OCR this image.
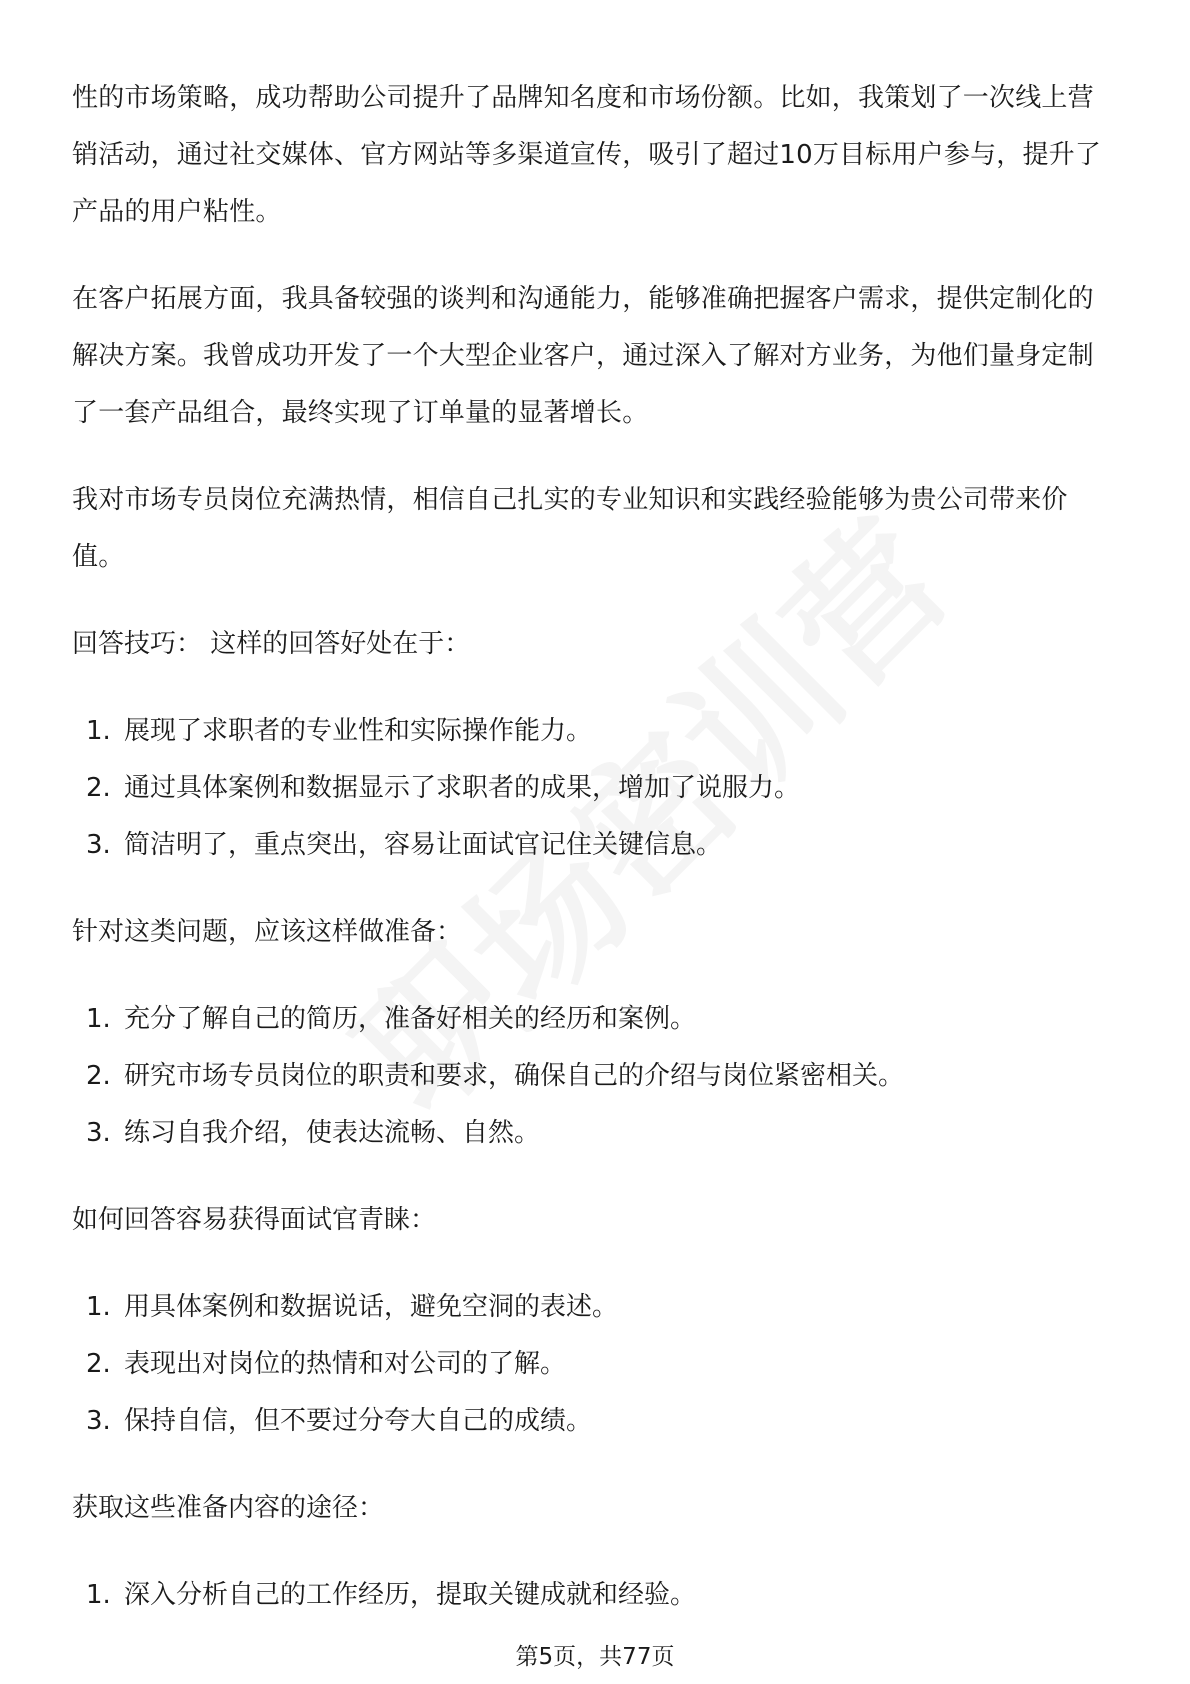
性的市场策略，成功帮助公司提升了品牌知名度和市场份额。比如，我策划了一次线上营销活动，通过社交媒体、官方网站等多渠道宣传，吸引了超过10万目标用户参与，提升了产品的用户粘性。

在客户拓展方面，我具备较强的谈判和沟通能力，能够准确把握客户需求，提供定制化的解决方案。我曾成功开发了一个大型企业客户，通过深入了解对方业务，为他们量身定制了一套产品组合，最终实现了订单量的显著增长。

我对市场专员岗位充满热情，相信自己扎实的专业知识和实践经验能够为贵公司带来价值。

回答技巧： 这样的回答好处在于：

1. 展现了求职者的专业性和实际操作能力。
2. 通过具体案例和数据显示了求职者的成果，增加了说服力。
3. 简洁明了，重点突出，容易让面试官记住关键信息。

针对这类问题，应该这样做准备：

1. 充分了解自己的简历，准备好相关的经历和案例。
2. 研究市场专员岗位的职责和要求，确保自己的介绍与岗位紧密相关。
3. 练习自我介绍，使表达流畅、自然。

如何回答容易获得面试官青睐：

1. 用具体案例和数据说话，避免空洞的表述。
2. 表现出对岗位的热情和对公司的了解。
3. 保持自信，但不要过分夸大自己的成绩。

获取这些准备内容的途径：

1. 深入分析自己的工作经历，提取关键成就和经验。
第5页，共77页
